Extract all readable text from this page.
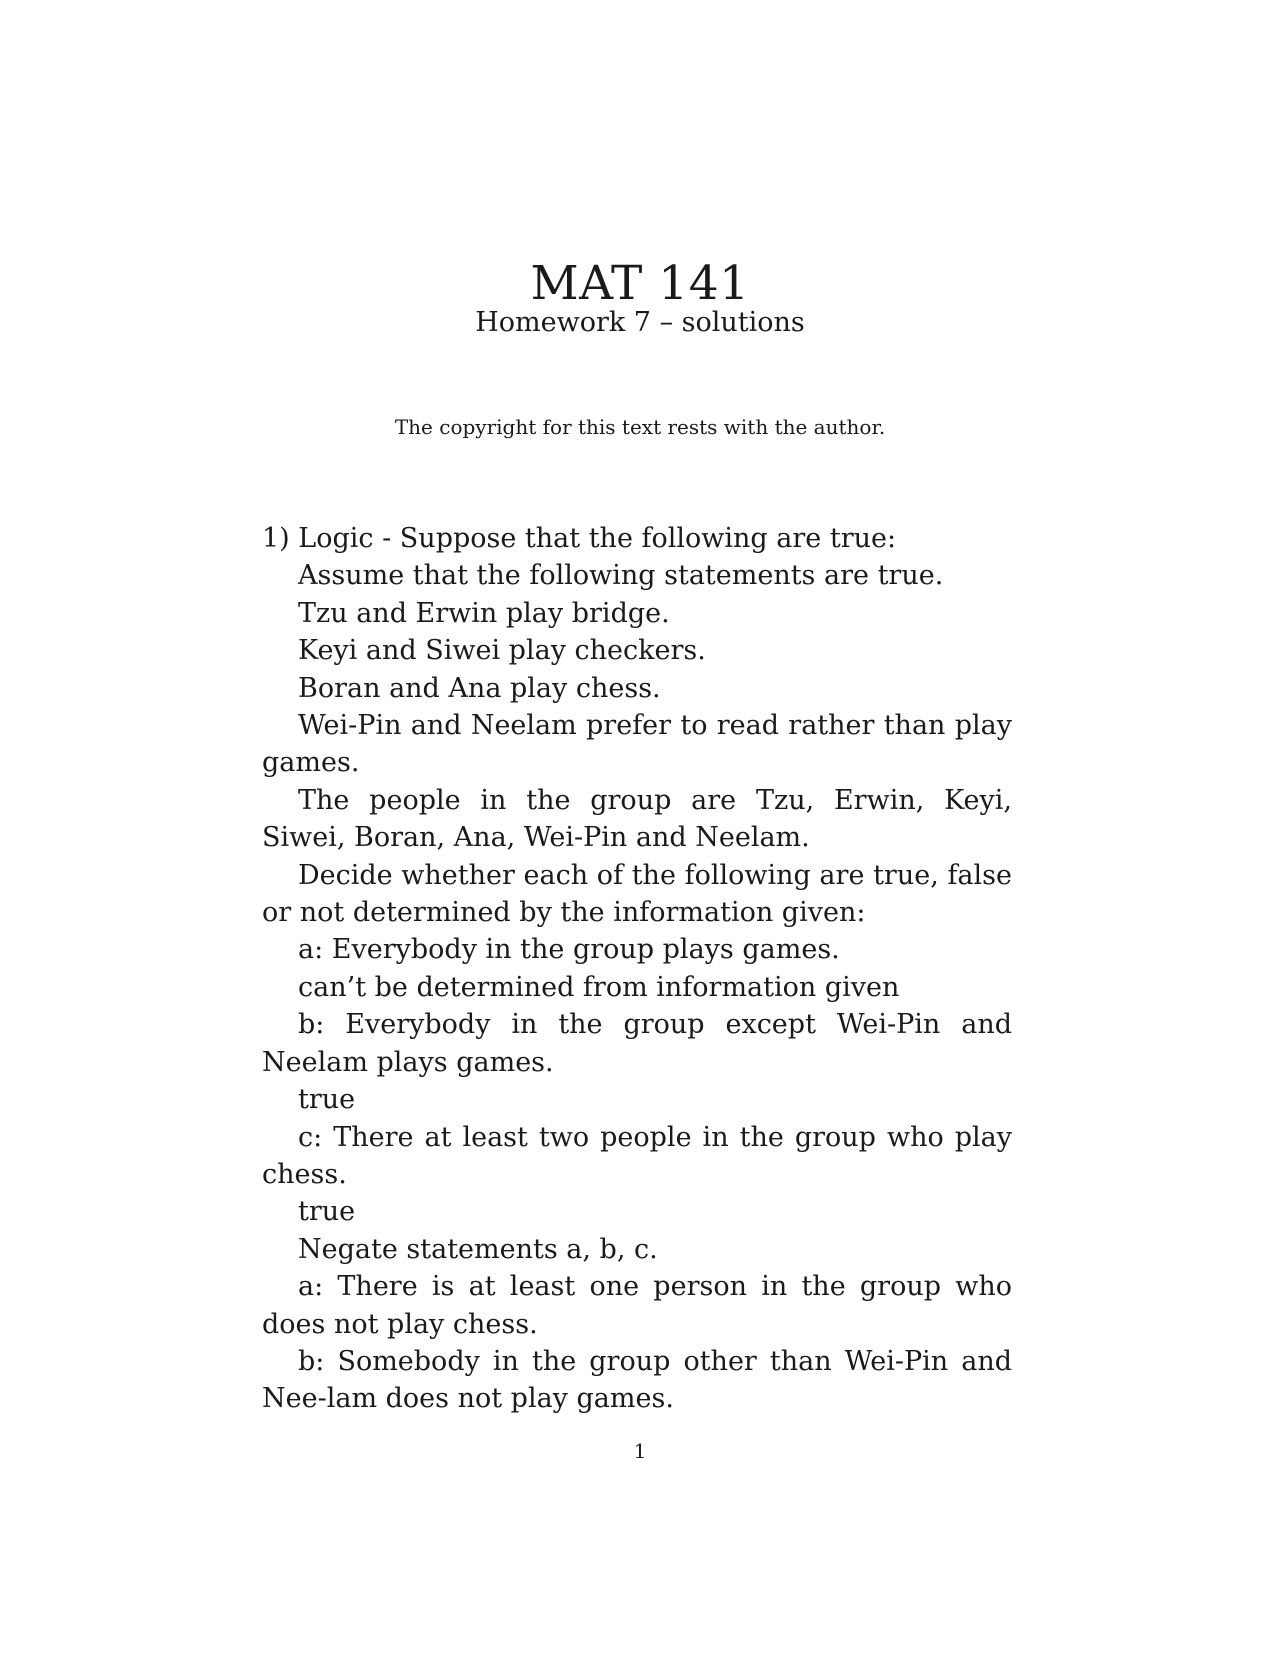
MAT 141
Homework 7 – solutions
The copyright for this text rests with the author.

1) Logic - Suppose that the following are true:

Assume that the following statements are true.

Tzu and Erwin play bridge.

Keyi and Siwei play checkers.

Boran and Ana play chess.

Wei-Pin and Neelam prefer to read rather than play games.

The people in the group are Tzu, Erwin, Keyi, Siwei, Boran, Ana, Wei-Pin and Neelam.

Decide whether each of the following are true, false or not determined by the information given:

a: Everybody in the group plays games.

can’t be determined from information given

b: Everybody in the group except Wei-Pin and Neelam plays games.

true

c: There at least two people in the group who play chess.

true

Negate statements a, b, c.

a: There is at least one person in the group who does not play chess.

b: Somebody in the group other than Wei-Pin and Nee-lam does not play games.

1
